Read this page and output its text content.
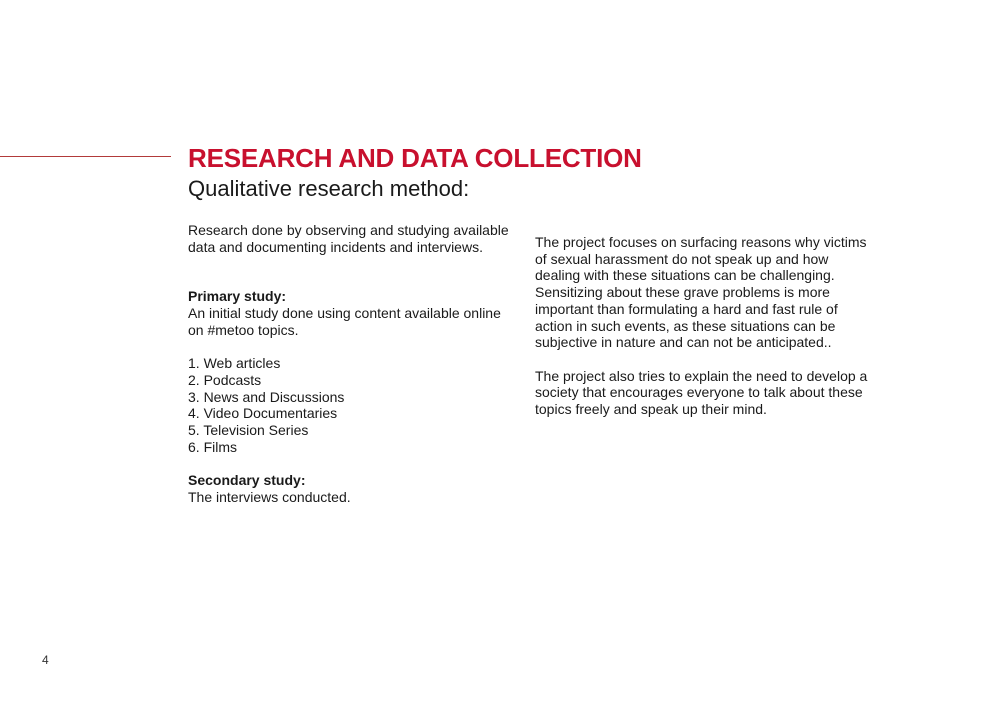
RESEARCH AND DATA COLLECTION
Qualitative research method:

Research done by observing and studying available data and documenting incidents and interviews.

Primary study:

An initial study done using content available online on #metoo topics.

1. Web articles
2. Podcasts
3. News and Discussions
4. Video Documentaries
5. Television Series
6. Films

Secondary study:

The interviews conducted.

The project focuses on surfacing reasons why victims of sexual harassment do not speak up and how dealing with these situations can be challenging. Sensitizing about these grave problems is more important than formulating a hard and fast rule of action in such events, as these situations can be subjective in nature and can not be anticipated..

The project also tries to explain the need to develop a society that encourages everyone to talk about these topics freely and speak up their mind.

4
